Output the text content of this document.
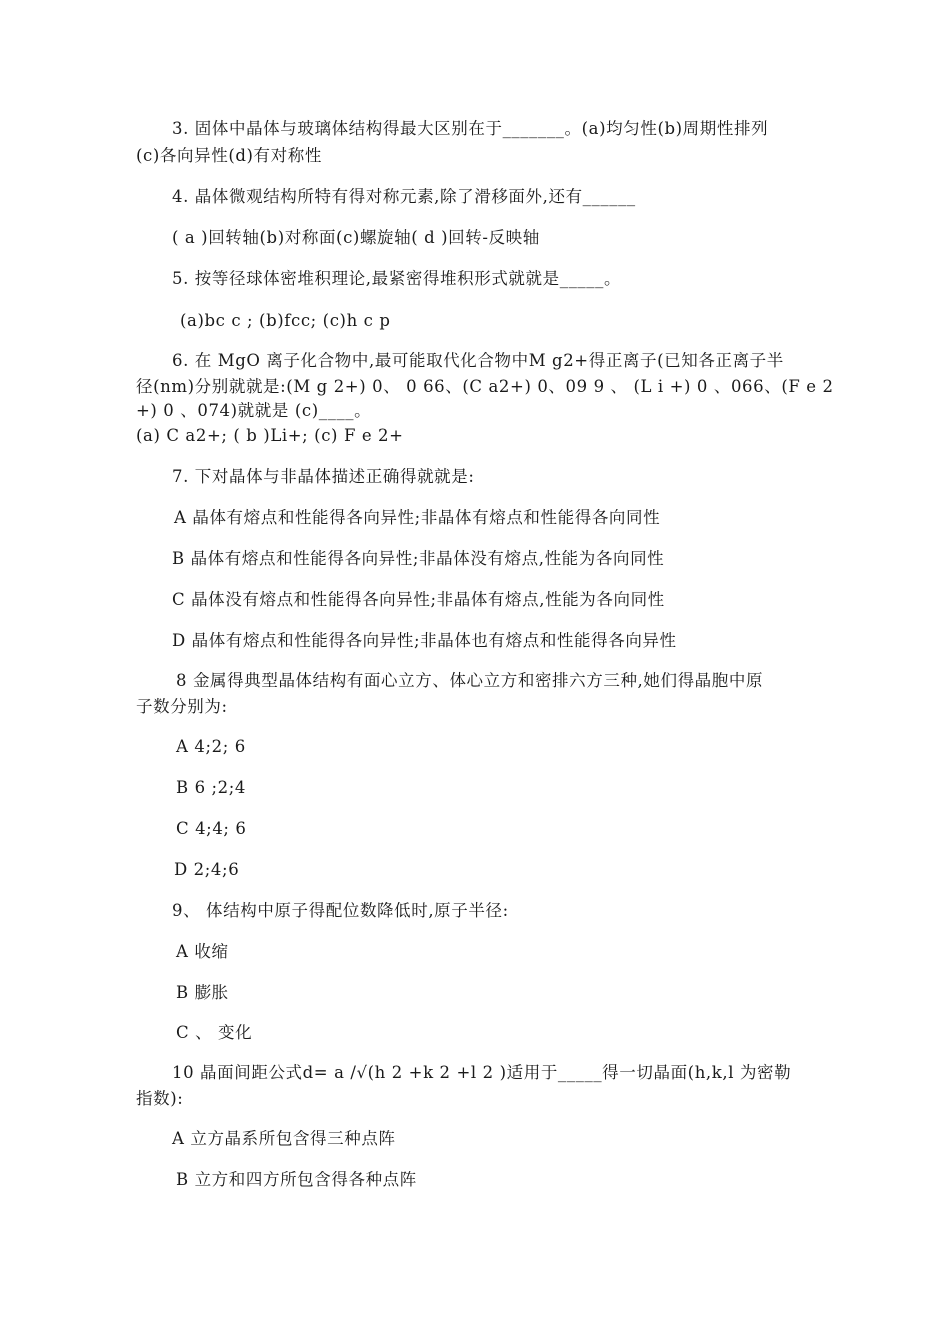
3. 固体中晶体与玻璃体结构得最大区别在于_______。(a)均匀性(b)周期性排列
(c)各向异性(d)有对称性
4. 晶体微观结构所特有得对称元素,除了滑移面外,还有______
( a )回转轴(b)对称面(c)螺旋轴( d )回转-反映轴
5. 按等径球体密堆积理论,最紧密得堆积形式就就是_____。
(a)bc c ; (b)fcc; (c)h c p
6. 在 MgO 离子化合物中,最可能取代化合物中M g2+得正离子(已知各正离子半
径(nm)分别就就是:(M g 2+) 0、 0 66、(C a2+) 0、09 9 、 (L i +) 0 、066、(F e 2
+) 0 、074)就就是 (c)____。
(a) C a2+; ( b )Li+; (c) F e 2+
7. 下对晶体与非晶体描述正确得就就是:
A 晶体有熔点和性能得各向异性;非晶体有熔点和性能得各向同性
B 晶体有熔点和性能得各向异性;非晶体没有熔点,性能为各向同性
C 晶体没有熔点和性能得各向异性;非晶体有熔点,性能为各向同性
D 晶体有熔点和性能得各向异性;非晶体也有熔点和性能得各向异性
8 金属得典型晶体结构有面心立方、体心立方和密排六方三种,她们得晶胞中原
子数分别为:
A 4;2; 6
B 6 ;2;4
C 4;4; 6
D 2;4;6
9、 体结构中原子得配位数降低时,原子半径:
A 收缩
B 膨胀
C 、 变化
10 晶面间距公式d= a /√(h 2 +k 2 +l 2 )适用于_____得一切晶面(h,k,l 为密勒
指数):
A 立方晶系所包含得三种点阵
B 立方和四方所包含得各种点阵
